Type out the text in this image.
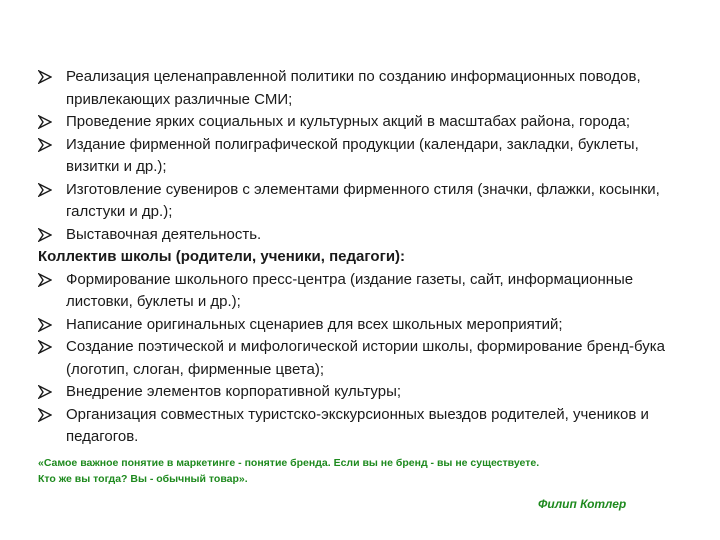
Реализация целенаправленной политики по созданию информационных поводов, привлекающих различные СМИ;
Проведение ярких социальных и культурных акций в масштабах района, города;
Издание фирменной полиграфической продукции (календари, закладки, буклеты, визитки и др.);
Изготовление сувениров с элементами фирменного стиля (значки, флажки, косынки, галстуки и др.);
Выставочная деятельность.
Коллектив школы (родители, ученики, педагоги):
Формирование школьного пресс-центра (издание газеты, сайт, информационные листовки, буклеты и др.);
Написание оригинальных сценариев для всех школьных мероприятий;
Создание поэтической и мифологической истории школы, формирование бренд-бука (логотип, слоган, фирменные цвета);
Внедрение элементов корпоративной культуры;
Организация совместных туристско-экскурсионных выездов родителей, учеников и педагогов.
«Самое важное понятие в маркетинге - понятие бренда. Если вы не бренд - вы не существуете.
Кто же вы тогда? Вы - обычный товар».
Филип Котлер
